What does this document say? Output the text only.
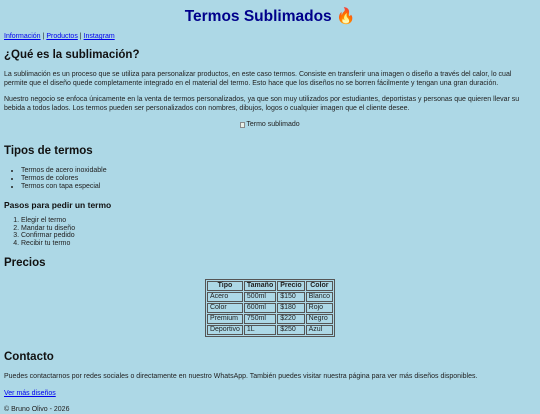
Termos Sublimados 🔥
Información | Productos | Instagram
¿Qué es la sublimación?

La sublimación es un proceso que se utiliza para personalizar productos, en este caso termos. Consiste en transferir una imagen o diseño a través del calor, lo cual permite que el diseño quede completamente integrado en el material del termo. Esto hace que los diseños no se borren fácilmente y tengan una gran duración.

Nuestro negocio se enfoca únicamente en la venta de termos personalizados, ya que son muy utilizados por estudiantes, deportistas y personas que quieren llevar su bebida a todos lados. Los termos pueden ser personalizados con nombres, dibujos, logos o cualquier imagen que el cliente desee.

Termo sublimado
Tipos de termos
• Termos de acero inoxidable
• Termos de colores
• Termos con tapa especial
Pasos para pedir un termo
1. Elegir el termo
2. Mandar tu diseño
3. Confirmar pedido
4. Recibir tu termo
Precios
Tipo	Tamaño	Precio	Color
Acero	500ml	$150	Blanco
Color	600ml	$180	Rojo
Premium	750ml	$220	Negro
Deportivo	1L	$250	Azul
Contacto

Puedes contactarnos por redes sociales o directamente en nuestro WhatsApp. También puedes visitar nuestra página para ver más diseños disponibles.

Ver más diseños

© Bruno Olivo - 2026
